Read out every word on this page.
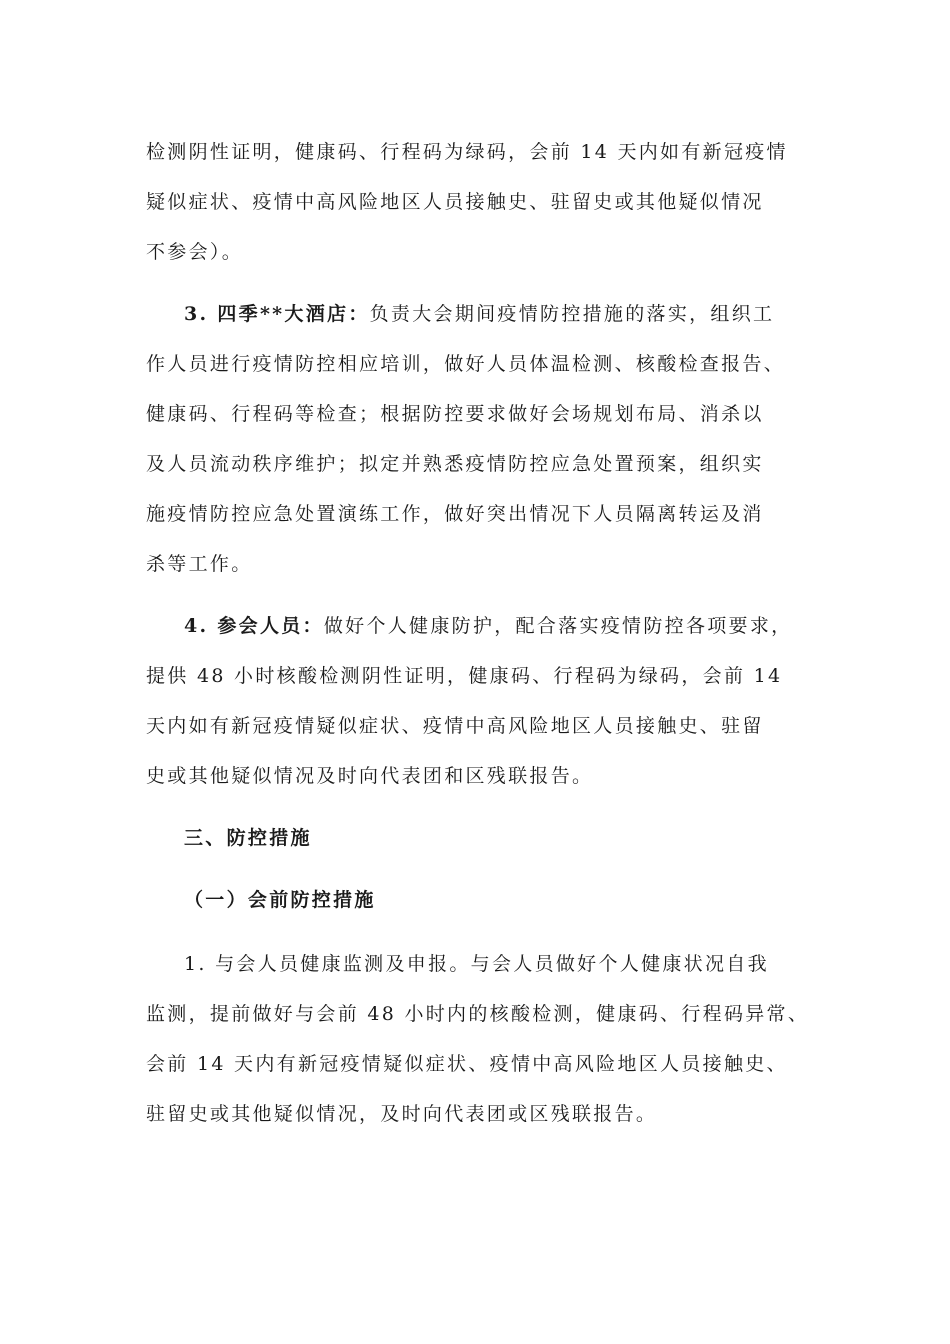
检测阴性证明，健康码、行程码为绿码，会前 14 天内如有新冠疫情
疑似症状、疫情中高风险地区人员接触史、驻留史或其他疑似情况
不参会）。
3. 四季**大酒店：负责大会期间疫情防控措施的落实，组织工
作人员进行疫情防控相应培训，做好人员体温检测、核酸检查报告、
健康码、行程码等检查；根据防控要求做好会场规划布局、消杀以
及人员流动秩序维护；拟定并熟悉疫情防控应急处置预案，组织实
施疫情防控应急处置演练工作，做好突出情况下人员隔离转运及消
杀等工作。
4. 参会人员：做好个人健康防护，配合落实疫情防控各项要求，
提供 48 小时核酸检测阴性证明，健康码、行程码为绿码，会前 14
天内如有新冠疫情疑似症状、疫情中高风险地区人员接触史、驻留
史或其他疑似情况及时向代表团和区残联报告。
三、防控措施
（一）会前防控措施
1. 与会人员健康监测及申报。与会人员做好个人健康状况自我
监测，提前做好与会前 48 小时内的核酸检测，健康码、行程码异常、
会前 14 天内有新冠疫情疑似症状、疫情中高风险地区人员接触史、
驻留史或其他疑似情况，及时向代表团或区残联报告。
